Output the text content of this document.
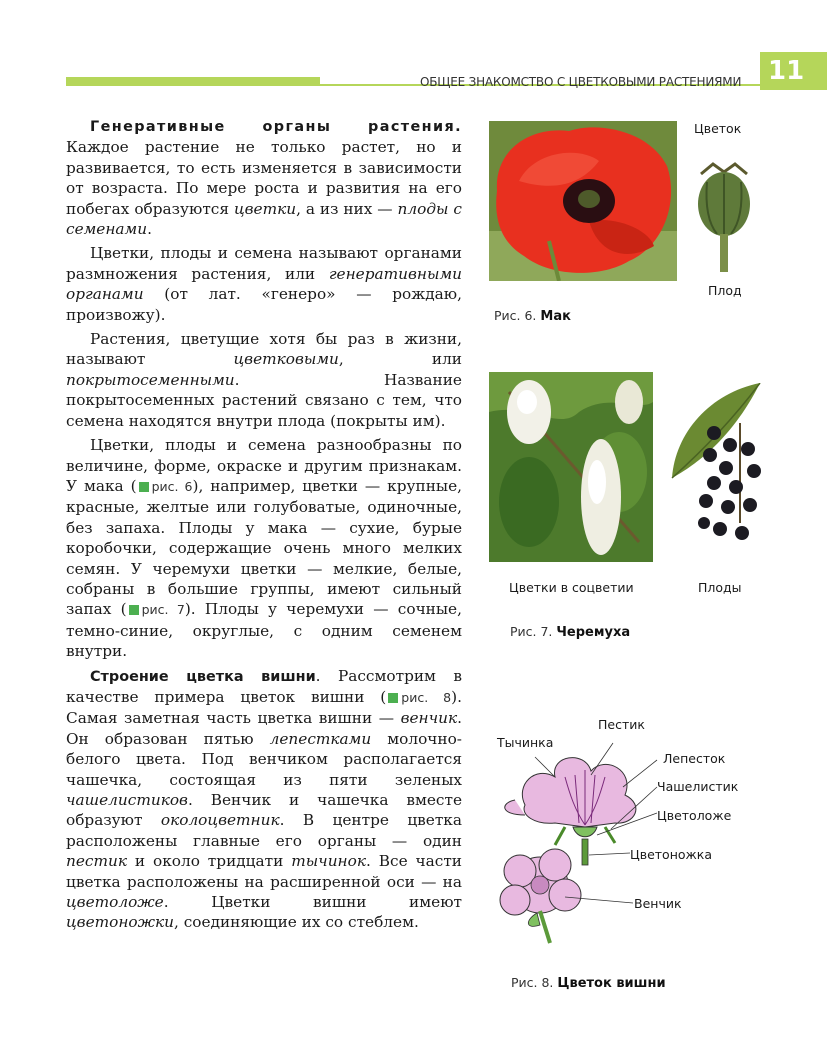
ОБЩЕЕ ЗНАКОМСТВО С ЦВЕТКОВЫМИ РАСТЕНИЯМИ	11

Генеративные органы растения. Каждое растение не только растет, но и развивается, то есть изменяется в зависимости от возраста. По мере роста и развития на его побегах образуются цветки, а из них — плоды с семенами.

Цветки, плоды и семена называют органами размножения растения, или генеративными органами (от лат. «генеро» — рождаю, произвожу).

Растения, цветущие хотя бы раз в жизни, называют	цветковыми, или покрытосеменными. Название покрытосеменных растений связано с тем, что семена находятся внутри плода (покрыты им).

Цветки, плоды и семена разнообразны по величине, форме, окраске и другим признакам. У мака ( рис. 6), например, цветки — крупные, красные, желтые или голубоватые, одиночные, без запаха. Плоды у мака — сухие, бурые коробочки, содержащие очень много мелких семян. У черемухи цветки — мелкие, белые, собраны в большие группы, имеют сильный запах ( рис. 7). Плоды у черемухи — сочные, темно-синие, округлые, с одним семенем внутри.

Строение цветка вишни. Рассмотрим в качестве примера цветок вишни ( рис. 8). Самая заметная часть цветка вишни — венчик. Он образован пятью лепестками молочно-белого цвета. Под венчиком располагается чашечка, состоящая из пяти зеленых чашелистиков. Венчик и чашечка вместе образуют околоцветник. В центре цветка расположены главные его органы — один пестик и около тридцати тычинок. Все части цветка расположены на расширенной оси — на цветоложе. Цветки вишни имеют цветоножки, соединяющие их со стеблем.

Цветок
Плод
Рис. 6. Мак
Цветки в соцветии	Плоды
Рис. 7. Черемуха
Пестик
Тычинка
Лепесток
Чашелистик
Цветоложе
Цветоножка
Венчик
Рис. 8. Цветок вишни
